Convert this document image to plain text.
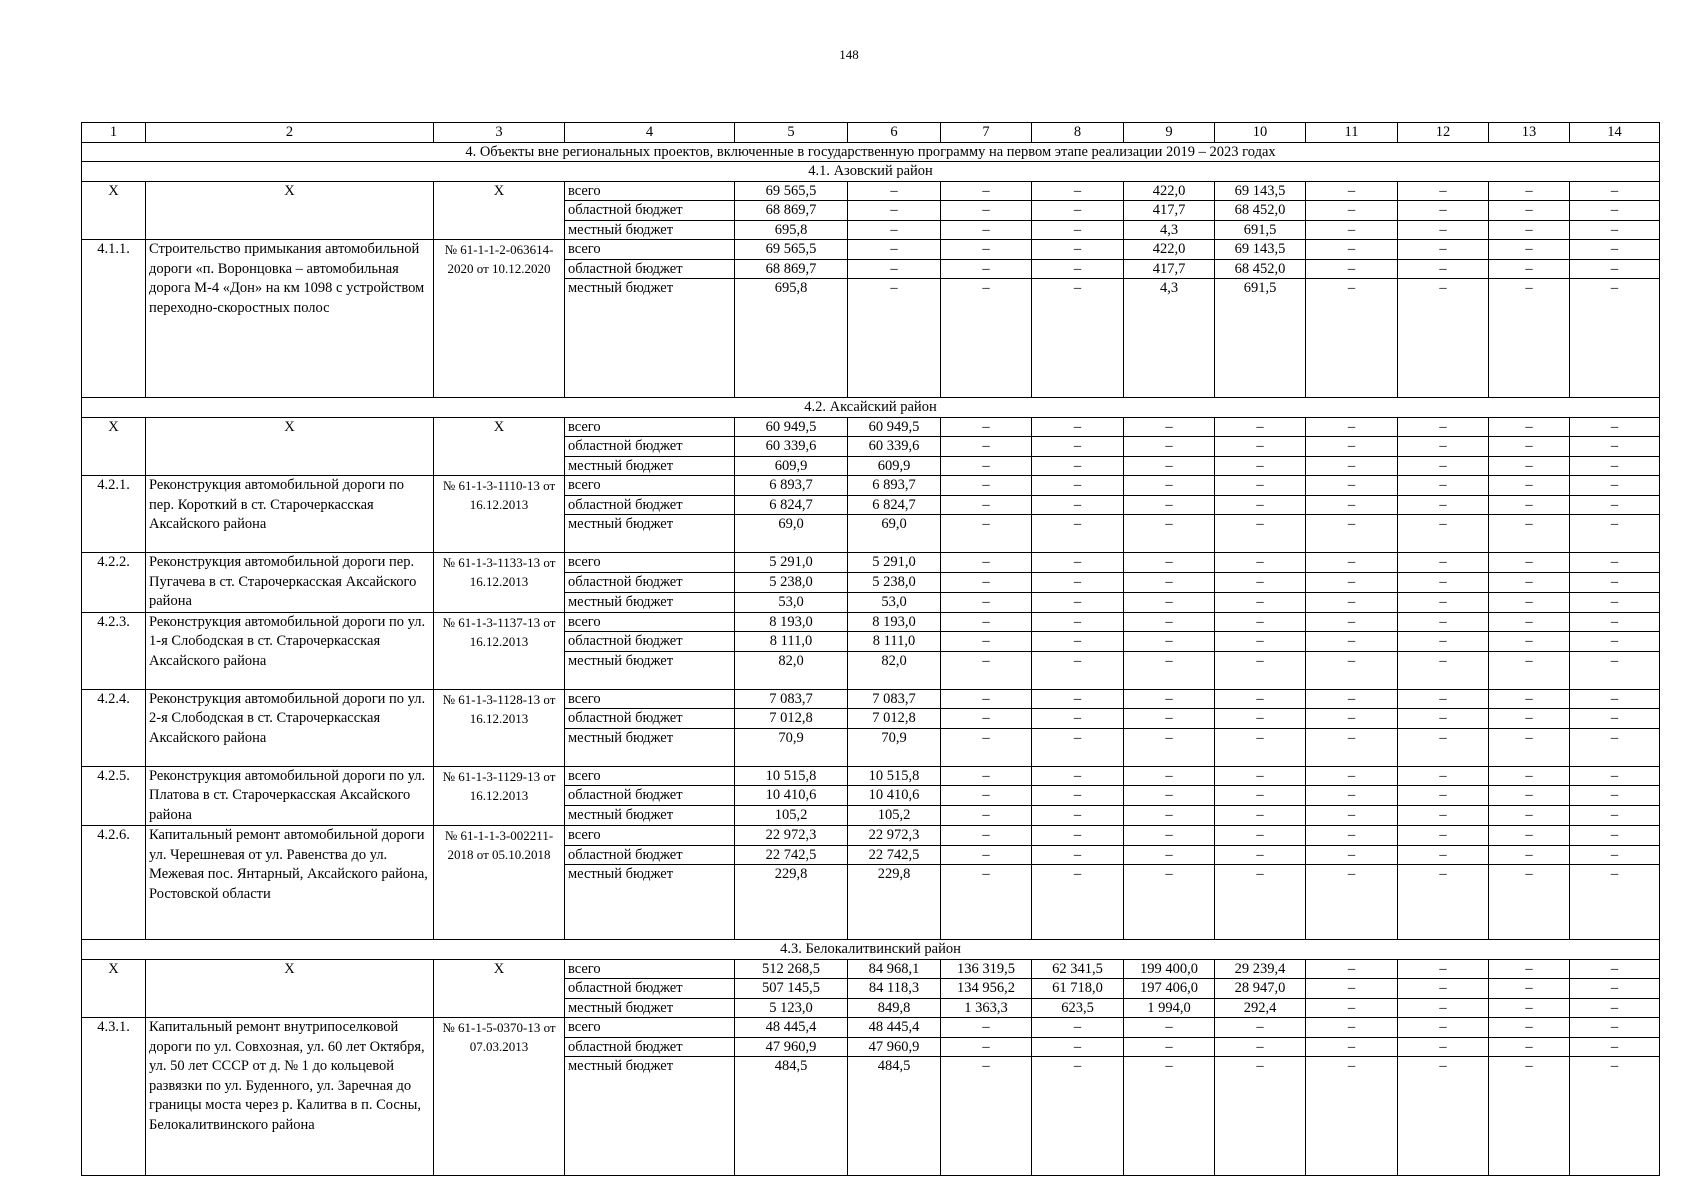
148
1	2	3	4	5	6	7	8	9	10	11	12	13	14
4. Объекты вне региональных проектов, включенные в государственную программу на первом этапе реализации 2019 – 2023 годах													
4.1. Азовский район													
X	X	X	всего	69 565,5	–	–	–	422,0	69 143,5	–	–	–	–
			областной бюджет	68 869,7	–	–	–	417,7	68 452,0	–	–	–	–
			местный бюджет	695,8	–	–	–	4,3	691,5	–	–	–	–
4.1.1.	Строительство примыкания автомобильной дороги «п. Воронцовка – автомобильная дорога М-4 «Дон» на км 1098 с устройством переходно-скоростных полос	№ 61-1-1-2-063614-2020 от 10.12.2020	всего	69 565,5	–	–	–	422,0	69 143,5	–	–	–	–
			областной бюджет	68 869,7	–	–	–	417,7	68 452,0	–	–	–	–
			местный бюджет	695,8	–	–	–	4,3	691,5	–	–	–	–
4.2. Аксайский район													
X	X	X	всего	60 949,5	60 949,5	–	–	–	–	–	–	–	–
			областной бюджет	60 339,6	60 339,6	–	–	–	–	–	–	–	–
			местный бюджет	609,9	609,9	–	–	–	–	–	–	–	–
4.2.1.	Реконструкция автомобильной дороги по пер. Короткий в ст. Старочеркасская Аксайского района	№ 61-1-3-1110-13 от 16.12.2013	всего	6 893,7	6 893,7	–	–	–	–	–	–	–	–
			областной бюджет	6 824,7	6 824,7	–	–	–	–	–	–	–	–
			местный бюджет	69,0	69,0	–	–	–	–	–	–	–	–
4.2.2.	Реконструкция автомобильной дороги пер. Пугачева в ст. Старочеркасская Аксайского района	№ 61-1-3-1133-13 от 16.12.2013	всего	5 291,0	5 291,0	–	–	–	–	–	–	–	–
			областной бюджет	5 238,0	5 238,0	–	–	–	–	–	–	–	–
			местный бюджет	53,0	53,0	–	–	–	–	–	–	–	–
4.2.3.	Реконструкция автомобильной дороги по ул. 1-я Слободская в ст. Старочеркасская Аксайского района	№ 61-1-3-1137-13 от 16.12.2013	всего	8 193,0	8 193,0	–	–	–	–	–	–	–	–
			областной бюджет	8 111,0	8 111,0	–	–	–	–	–	–	–	–
			местный бюджет	82,0	82,0	–	–	–	–	–	–	–	–
4.2.4.	Реконструкция автомобильной дороги по ул. 2-я Слободская в ст. Старочеркасская Аксайского района	№ 61-1-3-1128-13 от 16.12.2013	всего	7 083,7	7 083,7	–	–	–	–	–	–	–	–
			областной бюджет	7 012,8	7 012,8	–	–	–	–	–	–	–	–
			местный бюджет	70,9	70,9	–	–	–	–	–	–	–	–
4.2.5.	Реконструкция автомобильной дороги по ул. Платова в ст. Старочеркасская Аксайского района	№ 61-1-3-1129-13 от 16.12.2013	всего	10 515,8	10 515,8	–	–	–	–	–	–	–	–
			областной бюджет	10 410,6	10 410,6	–	–	–	–	–	–	–	–
			местный бюджет	105,2	105,2	–	–	–	–	–	–	–	–
4.2.6.	Капитальный ремонт автомобильной дороги ул. Черешневая от ул. Равенства до ул. Межевая пос. Янтарный, Аксайского района, Ростовской области	№ 61-1-1-3-002211-2018 от 05.10.2018	всего	22 972,3	22 972,3	–	–	–	–	–	–	–	–
			областной бюджет	22 742,5	22 742,5	–	–	–	–	–	–	–	–
			местный бюджет	229,8	229,8	–	–	–	–	–	–	–	–
4.3. Белокалитвинский район													
X	X	X	всего	512 268,5	84 968,1	136 319,5	62 341,5	199 400,0	29 239,4	–	–	–	–
			областной бюджет	507 145,5	84 118,3	134 956,2	61 718,0	197 406,0	28 947,0	–	–	–	–
			местный бюджет	5 123,0	849,8	1 363,3	623,5	1 994,0	292,4	–	–	–	–
4.3.1.	Капитальный ремонт внутрипоселковой дороги по ул. Совхозная, ул. 60 лет Октября, ул. 50 лет СССР от д. № 1 до кольцевой развязки по ул. Буденного, ул. Заречная до границы моста через р. Калитва в п. Сосны, Белокалитвинского района	№ 61-1-5-0370-13 от 07.03.2013	всего	48 445,4	48 445,4	–	–	–	–	–	–	–	–
			областной бюджет	47 960,9	47 960,9	–	–	–	–	–	–	–	–
			местный бюджет	484,5	484,5	–	–	–	–	–	–	–	–
